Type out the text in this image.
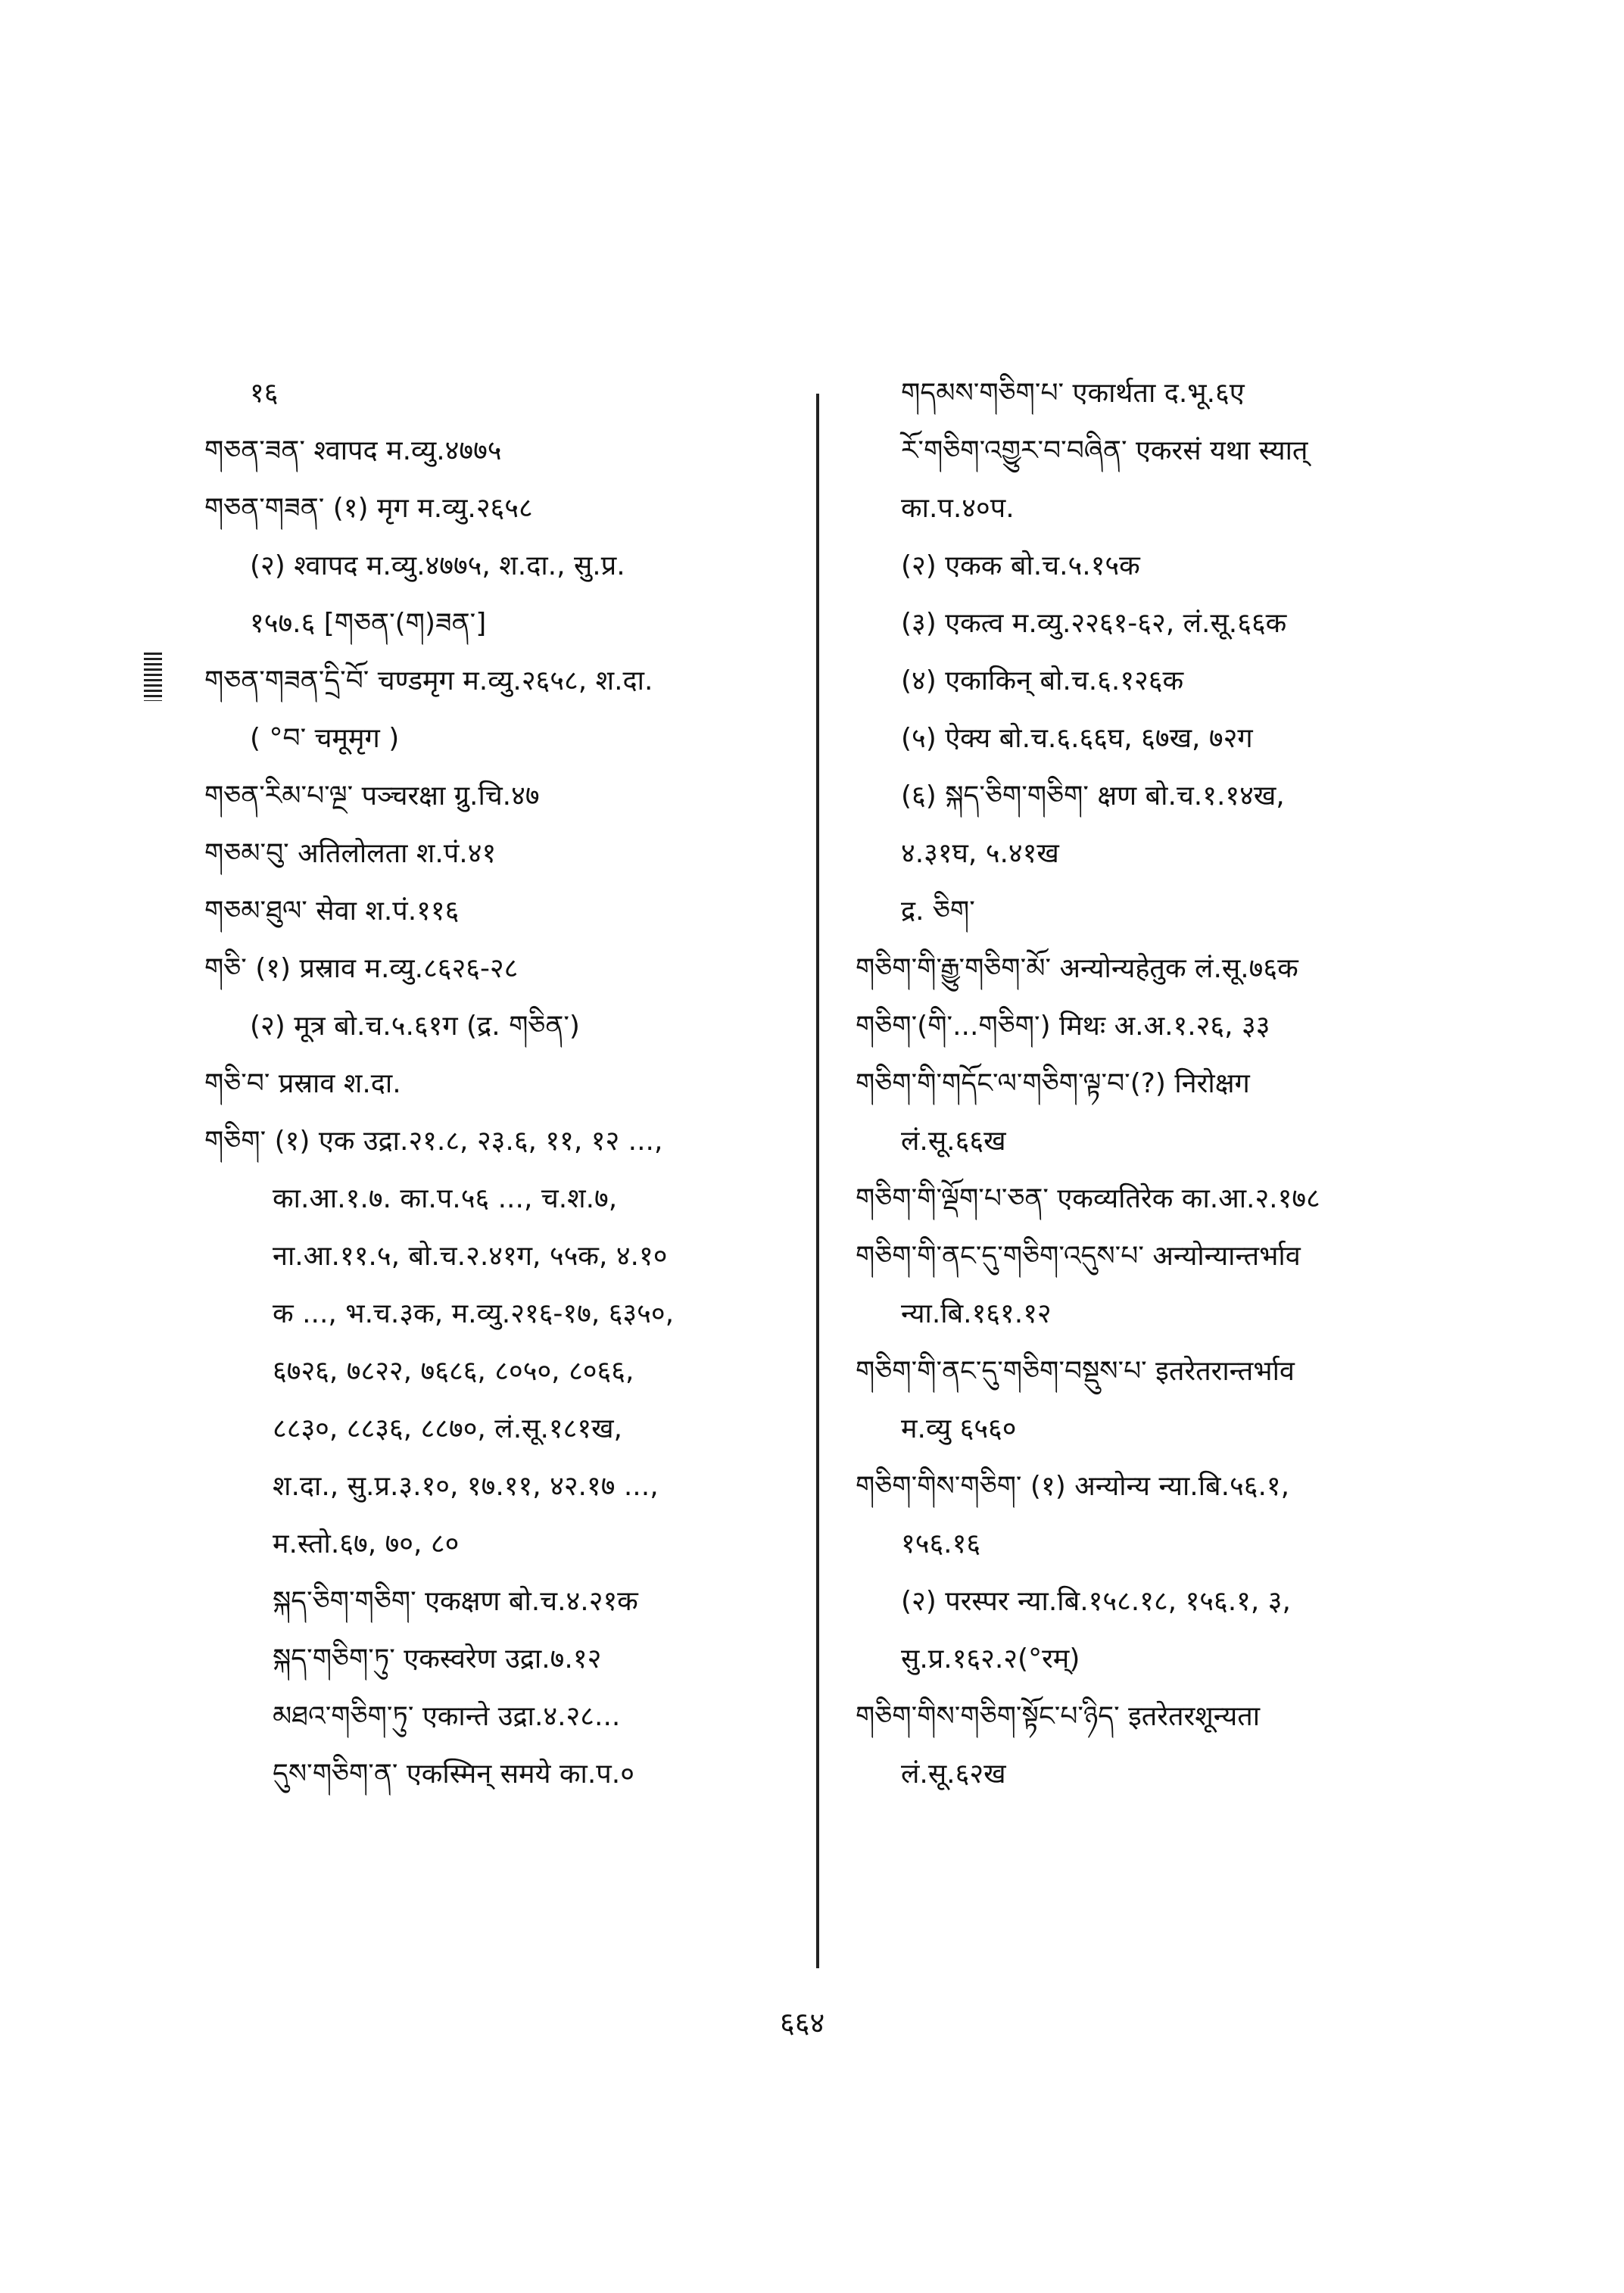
१६
གཅན་ཟན་ श्वापद म.व्यु.४७७५
གཅན་གཟན་ (१) मृग म.व्यु.२६५८
(२) श्वापद म.व्यु.४७७५, श.दा., सु.प्र.
१५७.६ [གཅན་(ག)ཟན་]
གཅན་གཟན་དྲི་བོ་ चण्डमृग म.व्यु.२६५८, श.दा.
( °བ་ चमूमृग )
གཅན་རིམ་པ་ལྔ་ पञ्चरक्षा ग्रु.चि.४७
གཅམ་བུ་ अतिलोलता श.पं.४१
གཅམ་ཐུལ་ सेवा श.पं.११६
གཅི་ (१) प्रस्राव म.व्यु.८६२६-२८
(२) मूत्र बो.च.५.६१ग (द्र. གཅིན་)
གཅི་བ་ प्रस्राव श.दा.
གཅིག་ (१) एक उद्रा.२१.८, २३.६, ११, १२ ...,
का.आ.१.७. का.प.५६ ..., च.श.७,
ना.आ.११.५, बो.च.२.४१ग, ५५क, ४.१०
क ..., भ.च.३क, म.व्यु.२१६-१७, ६३५०,
६७२६, ७८२२, ७६८६, ८०५०, ८०६६,
८८३०, ८८३६, ८८७०, लं.सू.१८१ख,
श.दा., सु.प्र.३.१०, १७.११, ४२.१७ ...,
म.स्तो.६७, ७०, ८०
སྐད་ཅིག་གཅིག་ एकक्षण बो.च.४.२१क
སྐད་གཅིག་ཏུ་ एकस्वरेण उद्रा.७.१२
མཐའ་གཅིག་ཏུ་ एकान्ते उद्रा.४.२८...
དུས་གཅིག་ན་ एकस्मिन् समये का.प.०
གདམས་གཅིག་པ་ एकार्थता द.भू.६ए
རོ་གཅིག་འགྱུར་བ་བཞིན་ एकरसं यथा स्यात्
का.प.४०प.
(२) एकक बो.च.५.१५क
(३) एकत्व म.व्यु.२२६१-६२, लं.सू.६६क
(४) एकाकिन् बो.च.६.१२६क
(५) ऐक्य बो.च.६.६६घ, ६७ख, ७२ग
(६) སྐད་ཅིག་གཅིག་ क्षण बो.च.१.१४ख,
४.३१घ, ५.४१ख
द्र. ཅིག་
གཅིག་གི་རྒྱུ་གཅིག་མོ་ अन्योन्यहेतुक लं.सू.७६क
གཅིག་(གི་...གཅིག་) मिथः अ.अ.१.२६, ३३
གཅིག་གི་གདོང་ལ་གཅིག་ལྟ་བ་(?) निरोक्षग
लं.सू.६६ख
གཅིག་གི་ལྡོག་པ་ཅན་ एकव्यतिरेक का.आ.२.१७८
གཅིག་གི་ནང་དུ་གཅིག་འདུས་པ་ अन्योन्यान्तर्भाव
न्या.बि.१६१.१२
གཅིག་གི་ནང་དུ་གཅིག་བསྡུས་པ་ इतरेतरान्तर्भाव
म.व्यु ६५६०
གཅིག་གིས་གཅིག་ (१) अन्योन्य न्या.बि.५६.१,
१५६.१६
(२) परस्पर न्या.बि.१५८.१८, १५६.१, ३,
सु.प्र.१६२.२(°रम्)
གཅིག་གིས་གཅིག་སྟོང་པ་ཉིད་ इतरेतरशून्यता
लं.सू.६२ख
६६४
